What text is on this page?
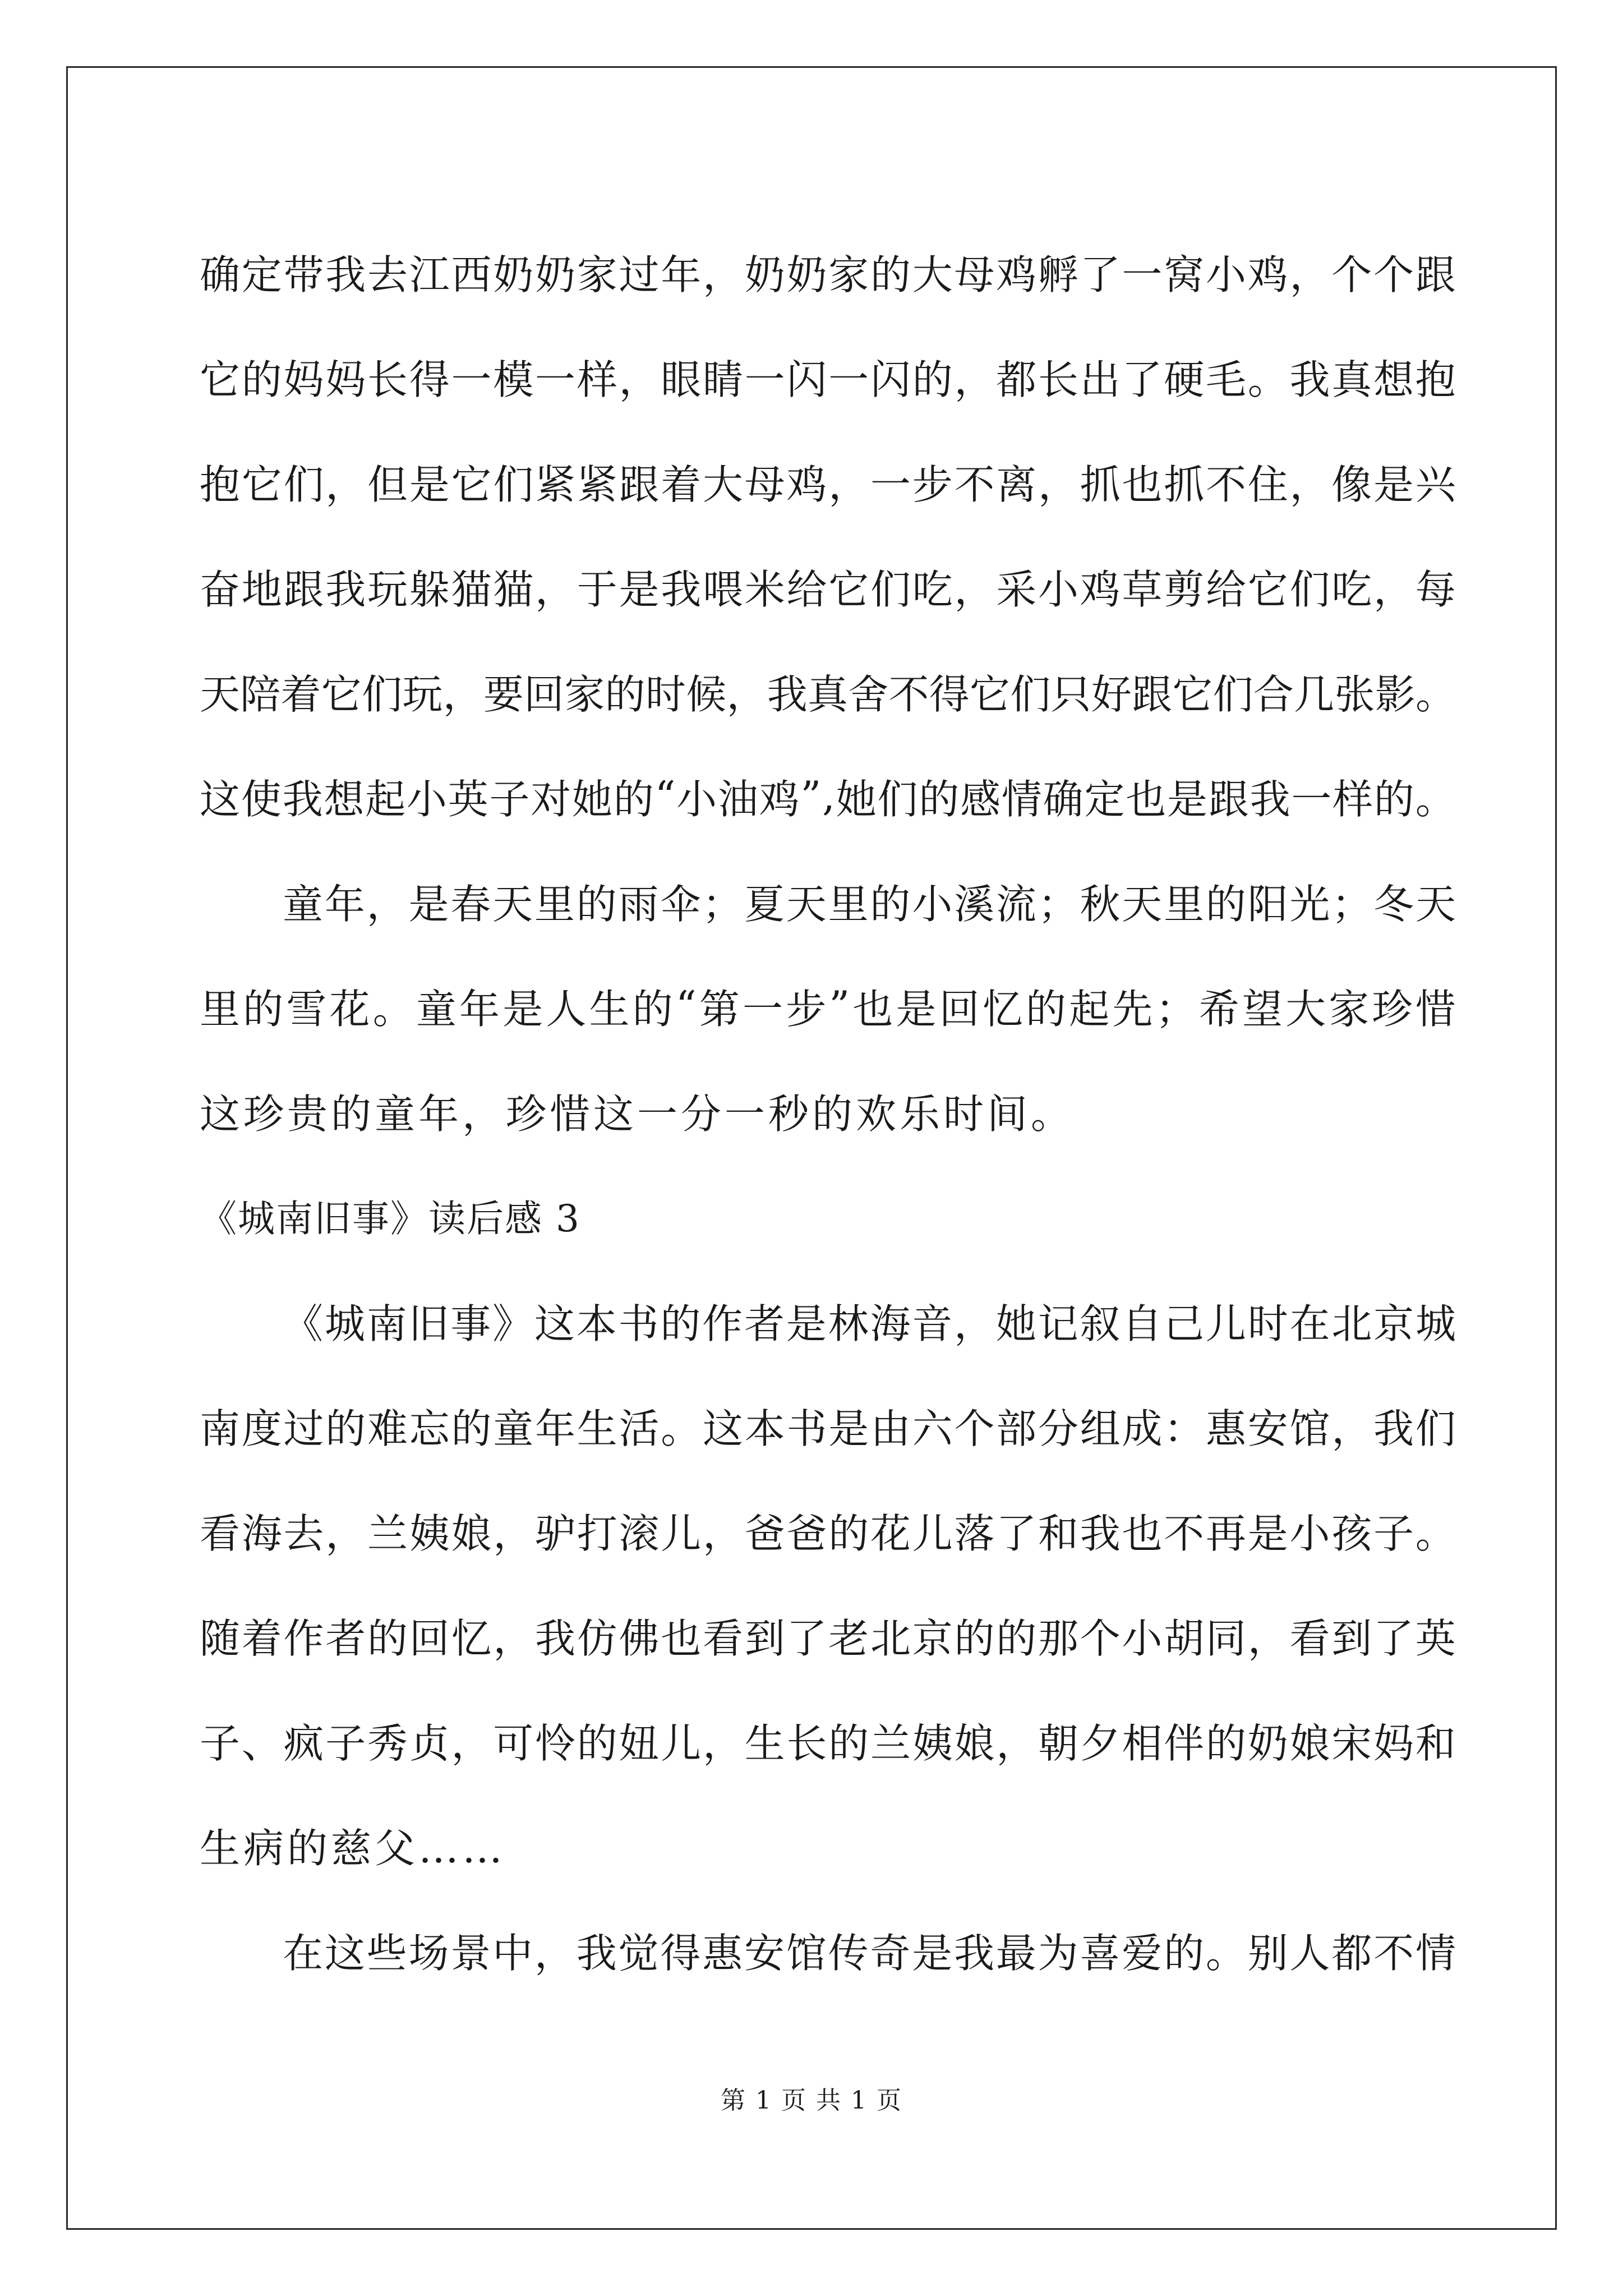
确 定 带 我 去 江 西 奶 奶 家 过 年 ， 奶 奶 家 的 大 母 鸡 孵 了 一 窝 小 鸡 ， 个 个 跟
它 的 妈 妈 长 得 一 模 一 样 ， 眼 睛 一 闪 一 闪 的 ， 都 长 出 了 硬 毛 。 我 真 想 抱
抱 它 们 ， 但 是 它 们 紧 紧 跟 着 大 母 鸡 ， 一 步 不 离 ， 抓 也 抓 不 住 ， 像 是 兴
奋 地 跟 我 玩 躲 猫 猫 ， 于 是 我 喂 米 给 它 们 吃 ， 采 小 鸡 草 剪 给 它 们 吃 ， 每
天 陪 着 它 们 玩 ， 要 回 家 的 时 候 ， 我 真 舍 不 得 它 们 只 好 跟 它 们 合 几 张 影 。
这 使 我 想 起 小 英 子 对 她 的 “ 小 油 鸡 ” , 她 们 的 感 情 确 定 也 是 跟 我 一 样 的 。
童 年 ， 是 春 天 里 的 雨 伞 ； 夏 天 里 的 小 溪 流 ； 秋 天 里 的 阳 光 ； 冬 天
里 的 雪 花 。 童 年 是 人 生 的 “ 第 一 步 ” 也 是 回 忆 的 起 先 ； 希 望 大 家 珍 惜
这珍贵的童年，珍惜这一分一秒的欢乐时间。
《城南旧事》读后感 3
《 城 南 旧 事 》 这 本 书 的 作 者 是 林 海 音 ， 她 记 叙 自 己 儿 时 在 北 京 城
南 度 过 的 难 忘 的 童 年 生 活 。 这 本 书 是 由 六 个 部 分 组 成 ： 惠 安 馆 ， 我 们
看 海 去 ， 兰 姨 娘 ， 驴 打 滚 儿 ， 爸 爸 的 花 儿 落 了 和 我 也 不 再 是 小 孩 子 。
随 着 作 者 的 回 忆 ， 我 仿 佛 也 看 到 了 老 北 京 的 的 那 个 小 胡 同 ， 看 到 了 英
子 、 疯 子 秀 贞 ， 可 怜 的 妞 儿 ， 生 长 的 兰 姨 娘 ， 朝 夕 相 伴 的 奶 娘 宋 妈 和
生病的慈父……
在 这 些 场 景 中 ， 我 觉 得 惠 安 馆 传 奇 是 我 最 为 喜 爱 的 。 别 人 都 不 情
第 1 页 共 1 页
